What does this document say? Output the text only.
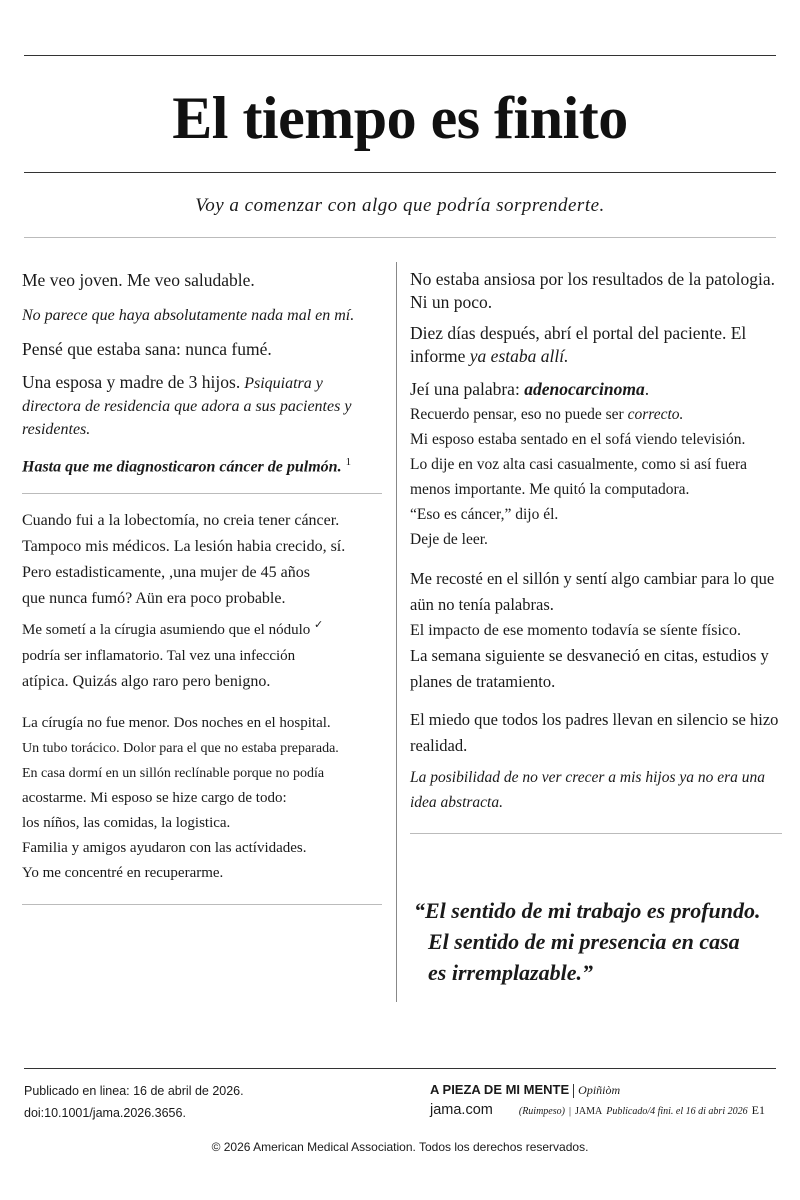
El tiempo es finito
Voy a comenzar con algo que podría sorprenderte.

Me veo joven. Me veo saludable.

No parece que haya absolutamente nada mal en mí.

Pensé que estaba sana: nunca fumé.

Una esposa y madre de 3 hijos. Psiquiatra y directora de residencia que adora a sus pacientes y residentes.

Hasta que me diagnosticaron cáncer de pulmón. $^1$

Cuando fui a la lobectomía, no creia tener cáncer.

Tampoco mis médicos. La lesión habia crecido, sí.

Pero estadisticamente, ,una mujer de 45 años

que nunca fumó? Aün era poco probable.

Me sometí a la círugia asumiendo que el nódulo ✓

podría ser inflamatorio. Tal vez una infección

atípica. Quizás algo raro pero benigno.

La círugía no fue menor. Dos noches en el hospital.

Un tubo torácico. Dolor para el que no estaba preparada.

En casa dormí en un sillón reclínable porque no podía

acostarme. Mi esposo se hize cargo de todo:

los níños, las comidas, la logistica.

Familia y amigos ayudaron con las actívidades.

Yo me concentré en recuperarme.

No estaba ansiosa por los resultados de la patologia. Ni un poco.

Diez días después, abrí el portal del paciente. El informe ya estaba allí.

Jeí una palabra: adenocarcinoma.

Recuerdo pensar, eso no puede ser correcto.

Mi esposo estaba sentado en el sofá viendo televisión.

Lo dije en voz alta casi casualmente, como si así fuera menos importante. Me quitó la computadora.

“Eso es cáncer,” dijo él.

Deje de leer.

Me recosté en el sillón y sentí algo cambiar para lo que aün no tenía palabras.

El impacto de ese momento todavía se síente físico.

La semana siguiente se desvaneció en citas, estudios y planes de tratamiento.

El miedo que todos los padres llevan en silencio se hizo realidad.

La posibilidad de no ver crecer a mis hijos ya no era una idea abstracta.

“El sentido de mi trabajo es profundo.
El sentido de mi presencia en casa
es irremplazable.”
Publicado en linea: 16 de abril de 2026.
doi:10.1001/jama.2026.3656.
A PIEZA DE MI MENTE Opiñiòm
jama.com	(Ruimpeso) | JAMA Publicado/4 fini. el 16 di abri 2026 E1
© 2026 American Medical Association. Todos los derechos reservados.
